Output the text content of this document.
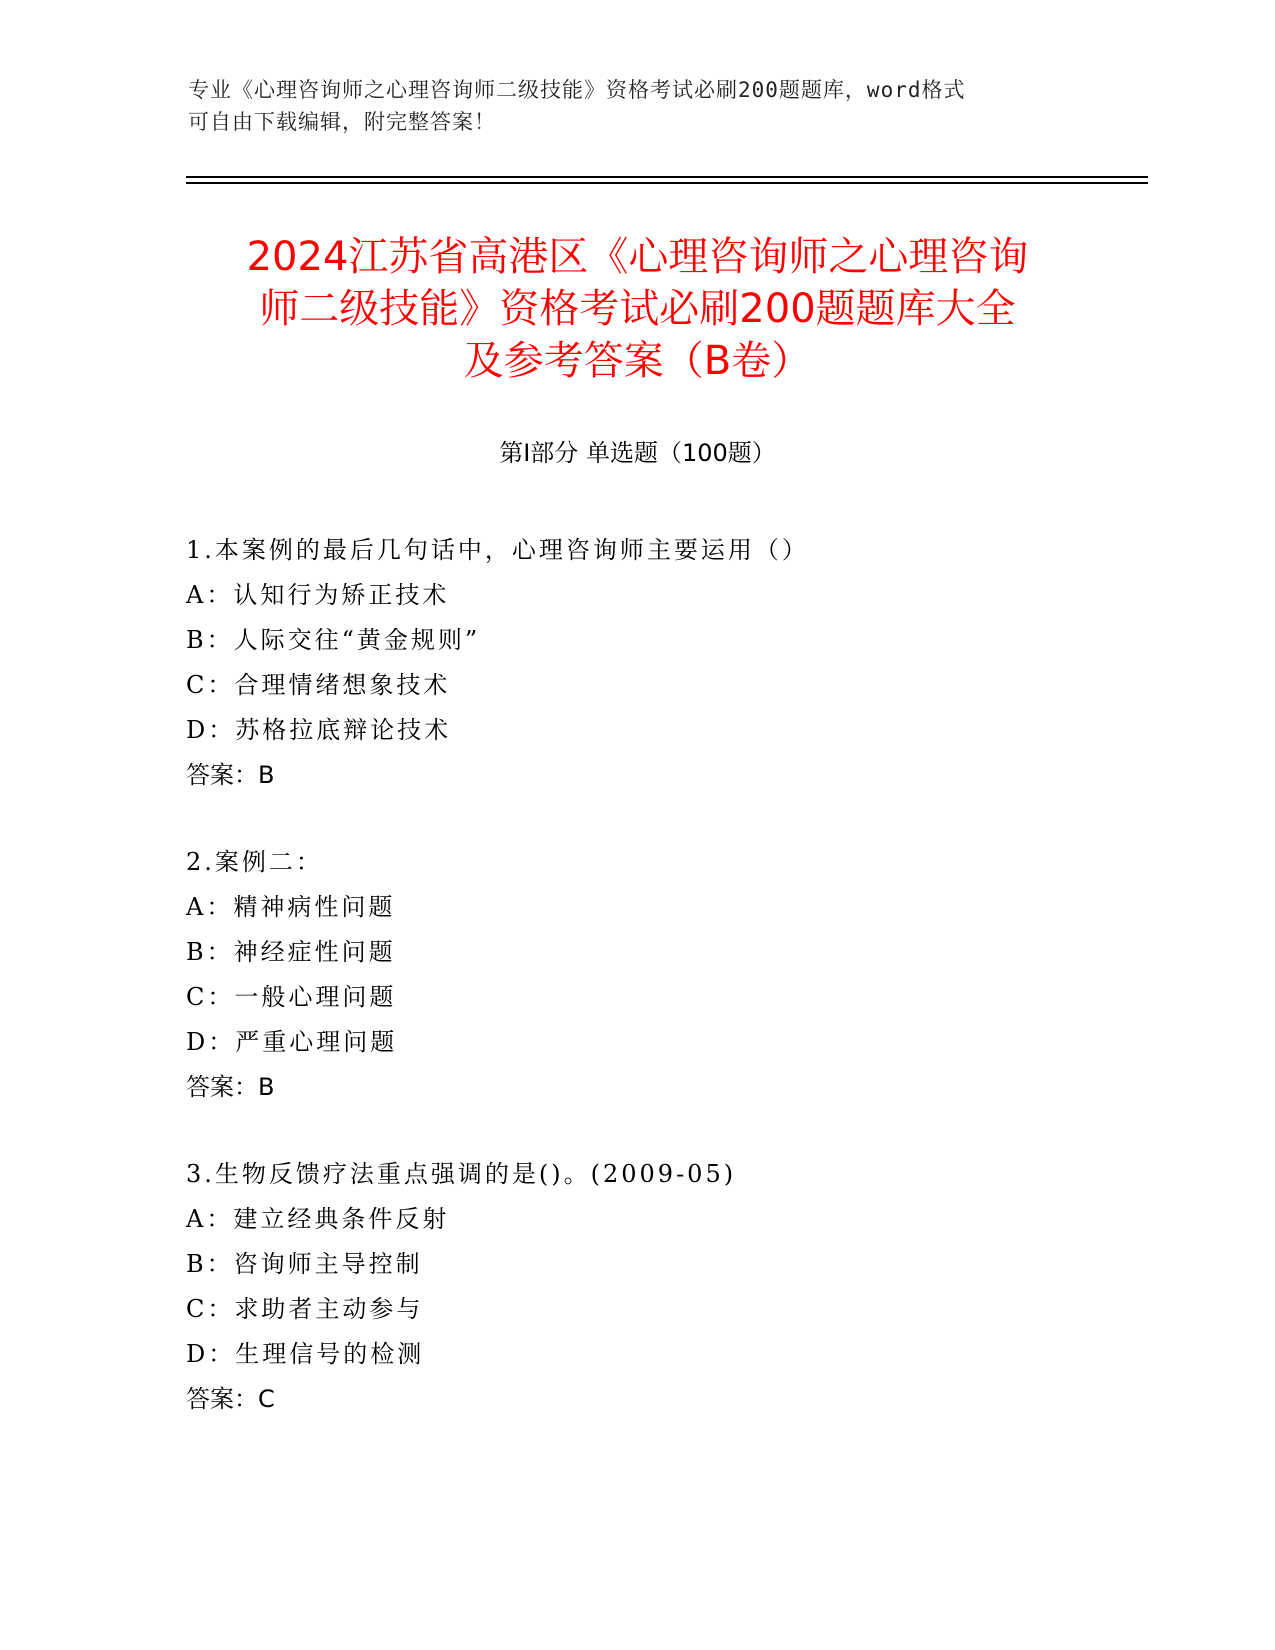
专业《心理咨询师之心理咨询师二级技能》资格考试必刷200题题库，word格式
可自由下载编辑，附完整答案！
2024江苏省高港区《心理咨询师之心理咨询
师二级技能》资格考试必刷200题题库大全
及参考答案（B卷）
第Ⅰ部分 单选题（100题）
1.本案例的最后几句话中，心理咨询师主要运用（）
A：认知行为矫正技术
B：人际交往“黄金规则”
C：合理情绪想象技术
D：苏格拉底辩论技术
答案：B
2.案例二：
A：精神病性问题
B：神经症性问题
C：一般心理问题
D：严重心理问题
答案：B
3.生物反馈疗法重点强调的是()。(2009-05)
A：建立经典条件反射
B：咨询师主导控制
C：求助者主动参与
D：生理信号的检测
答案：C
